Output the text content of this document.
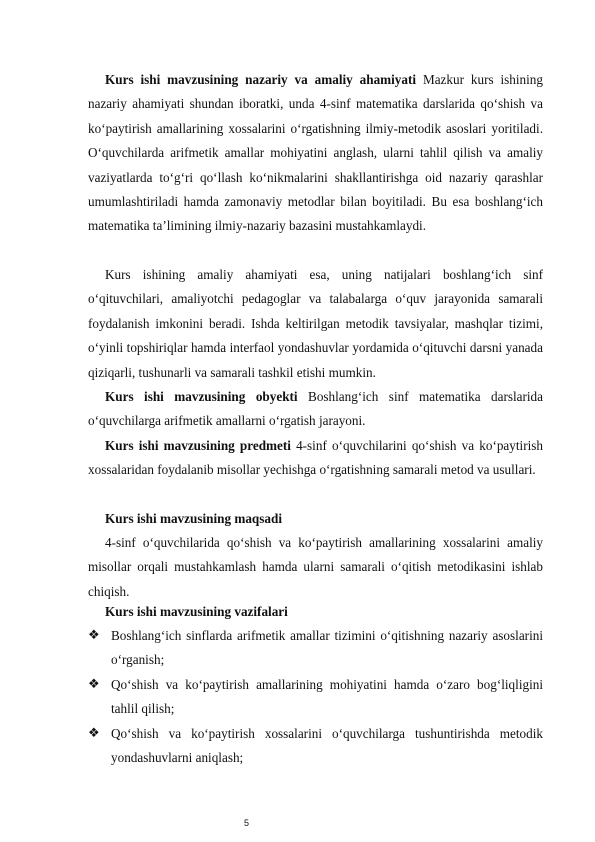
Kurs ishi mavzusining nazariy va amaliy ahamiyati Mazkur kurs ishining nazariy ahamiyati shundan iboratki, unda 4-sinf matematika darslarida qo‘shish va ko‘paytirish amallarining xossalarini o‘rgatishning ilmiy-metodik asoslari yoritiladi. O‘quvchilarda arifmetik amallar mohiyatini anglash, ularni tahlil qilish va amaliy vaziyatlarda to‘g‘ri qo‘llash ko‘nikmalarini shakllantirishga oid nazariy qarashlar umumlashtiriladi hamda zamonaviy metodlar bilan boyitiladi. Bu esa boshlang‘ich matematika ta’limining ilmiy-nazariy bazasini mustahkamlaydi.

Kurs ishining amaliy ahamiyati esa, uning natijalari boshlang‘ich sinf o‘qituvchilari, amaliyotchi pedagoglar va talabalarga o‘quv jarayonida samarali foydalanish imkonini beradi. Ishda keltirilgan metodik tavsiyalar, mashqlar tizimi, o‘yinli topshiriqlar hamda interfaol yondashuvlar yordamida o‘qituvchi darsni yanada qiziqarli, tushunarli va samarali tashkil etishi mumkin.

Kurs ishi mavzusining obyekti Boshlang‘ich sinf matematika darslarida o‘quvchilarga arifmetik amallarni o‘rgatish jarayoni.

Kurs ishi mavzusining predmeti 4-sinf o‘quvchilarini qo‘shish va ko‘paytirish xossalaridan foydalanib misollar yechishga o‘rgatishning samarali metod va usullari.

Kurs ishi mavzusining maqsadi

4-sinf o‘quvchilarida qo‘shish va ko‘paytirish amallarining xossalarini amaliy misollar orqali mustahkamlash hamda ularni samarali o‘qitish metodikasini ishlab chiqish.

Kurs ishi mavzusining vazifalari

❖ Boshlang‘ich sinflarda arifmetik amallar tizimini o‘qitishning nazariy asoslarini o‘rganish;
❖ Qo‘shish va ko‘paytirish amallarining mohiyatini hamda o‘zaro bog‘liqligini tahlil qilish;
❖ Qo‘shish va ko‘paytirish xossalarini o‘quvchilarga tushuntirishda metodik yondashuvlarni aniqlash;
5
